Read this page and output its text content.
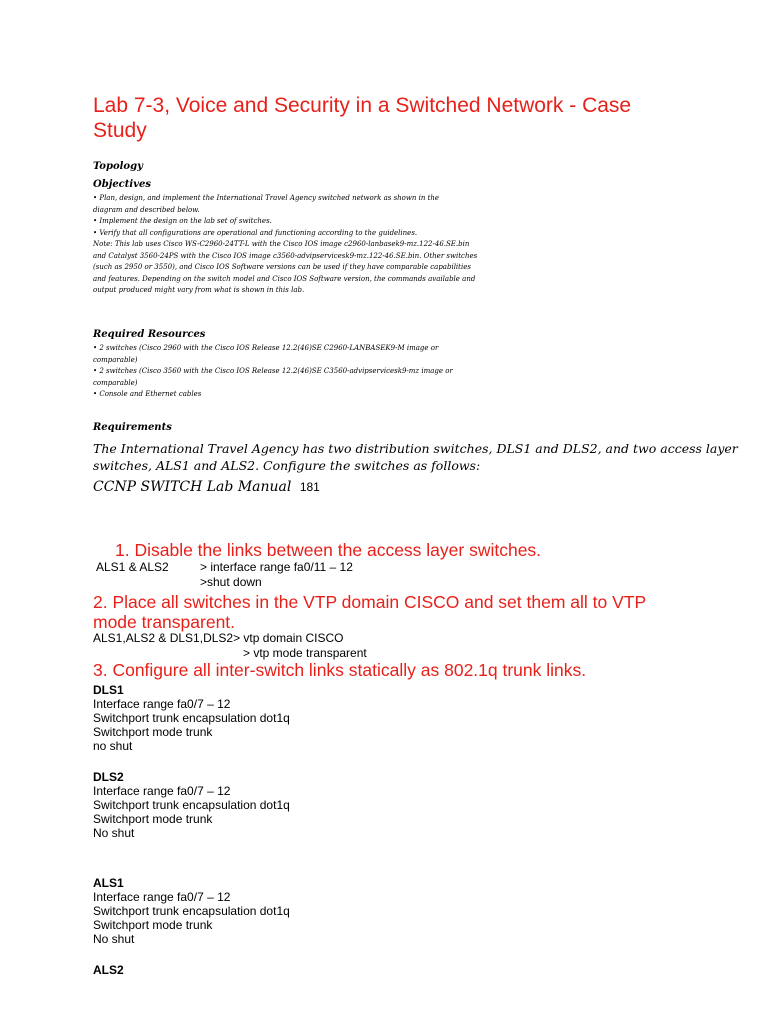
Lab 7-3, Voice and Security in a Switched Network - Case Study
Topology
Objectives
• Plan, design, and implement the International Travel Agency switched network as shown in the
diagram and described below.
• Implement the design on the lab set of switches.
• Verify that all configurations are operational and functioning according to the guidelines.
Note: This lab uses Cisco WS-C2960-24TT-L with the Cisco IOS image c2960-lanbasek9-mz.122-46.SE.bin
and Catalyst 3560-24PS with the Cisco IOS image c3560-advipservicesk9-mz.122-46.SE.bin. Other switches
(such as 2950 or 3550), and Cisco IOS Software versions can be used if they have comparable capabilities
and features. Depending on the switch model and Cisco IOS Software version, the commands available and
output produced might vary from what is shown in this lab.
Required Resources
• 2 switches (Cisco 2960 with the Cisco IOS Release 12.2(46)SE C2960-LANBASEK9-M image or
comparable)
• 2 switches (Cisco 3560 with the Cisco IOS Release 12.2(46)SE C3560-advipservicesk9-mz image or
comparable)
• Console and Ethernet cables
Requirements
The International Travel Agency has two distribution switches, DLS1 and DLS2, and two access layer
switches, ALS1 and ALS2. Configure the switches as follows:
CCNP SWITCH Lab Manual 181
1. Disable the links between the access layer switches.
ALS1 & ALS2	> interface range fa0/11 – 12
>shut down
2. Place all switches in the VTP domain CISCO and set them all to VTP
mode transparent.
ALS1,ALS2 & DLS1,DLS2> vtp domain CISCO
> vtp mode transparent
3. Configure all inter-switch links statically as 802.1q trunk links.
DLS1
Interface range fa0/7 – 12
Switchport trunk encapsulation dot1q
Switchport mode trunk
no shut
DLS2
Interface range fa0/7 – 12
Switchport trunk encapsulation dot1q
Switchport mode trunk
No shut
ALS1
Interface range fa0/7 – 12
Switchport trunk encapsulation dot1q
Switchport mode trunk
No shut
ALS2
